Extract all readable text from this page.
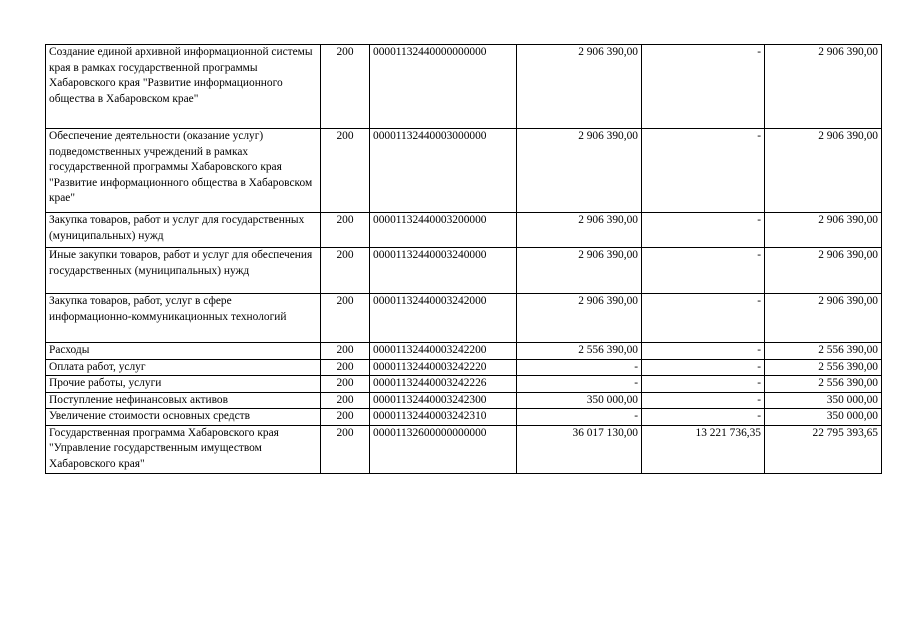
Создание единой архивной информационной системы края в рамках государственной программы Хабаровского края "Развитие информационного общества в Хабаровском крае"	200	00001132440000000000	2 906 390,00	-	2 906 390,00
Обеспечение деятельности (оказание услуг) подведомственных учреждений в рамках государственной программы Хабаровского края "Развитие информационного общества в Хабаровском крае"	200	00001132440003000000	2 906 390,00	-	2 906 390,00
Закупка товаров, работ и услуг для государственных (муниципальных) нужд	200	00001132440003200000	2 906 390,00	-	2 906 390,00
Иные закупки товаров, работ и услуг для обеспечения государственных (муниципальных) нужд	200	00001132440003240000	2 906 390,00	-	2 906 390,00
Закупка товаров, работ, услуг в сфере информационно-коммуникационных технологий	200	00001132440003242000	2 906 390,00	-	2 906 390,00
Расходы	200	00001132440003242200	2 556 390,00	-	2 556 390,00
Оплата работ, услуг	200	00001132440003242220	-	-	2 556 390,00
Прочие работы, услуги	200	00001132440003242226	-	-	2 556 390,00
Поступление нефинансовых активов	200	00001132440003242300	350 000,00	-	350 000,00
Увеличение стоимости основных средств	200	00001132440003242310	-	-	350 000,00
Государственная программа Хабаровского края "Управление государственным имуществом Хабаровского края"	200	00001132600000000000	36 017 130,00	13 221 736,35	22 795 393,65
